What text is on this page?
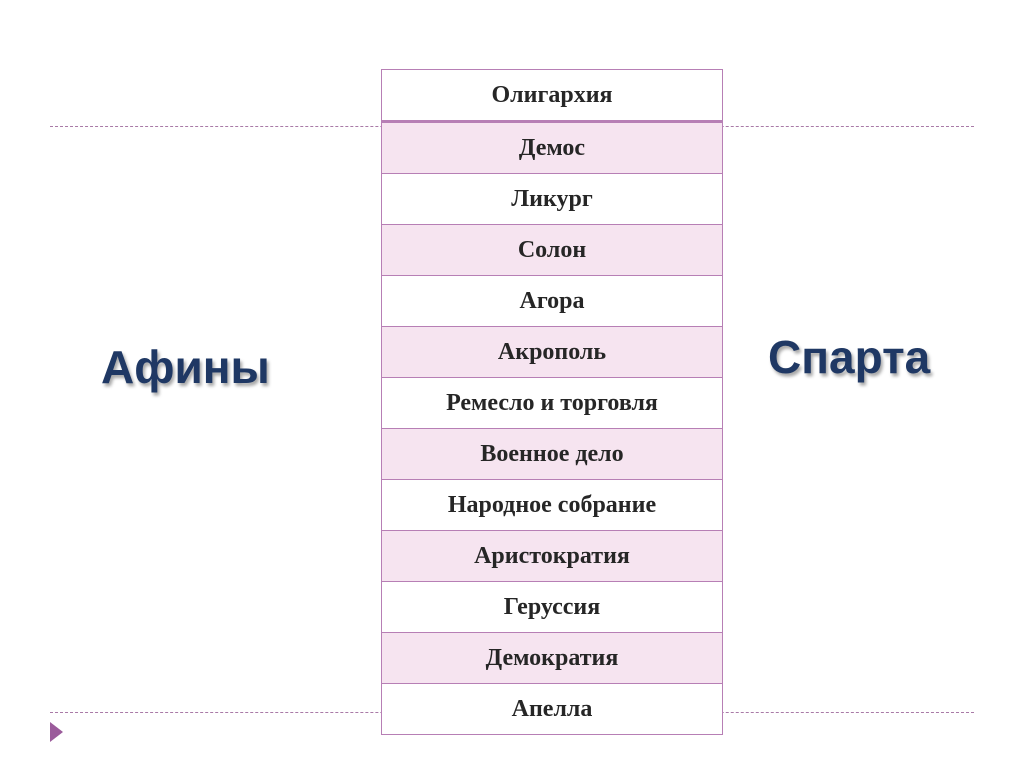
Афины	Спарта
Олигархия
Демос
Ликург
Солон
Агора
Акрополь
Ремесло и торговля
Военное дело
Народное собрание
Аристократия
Герусcия
Демократия
Апелла
